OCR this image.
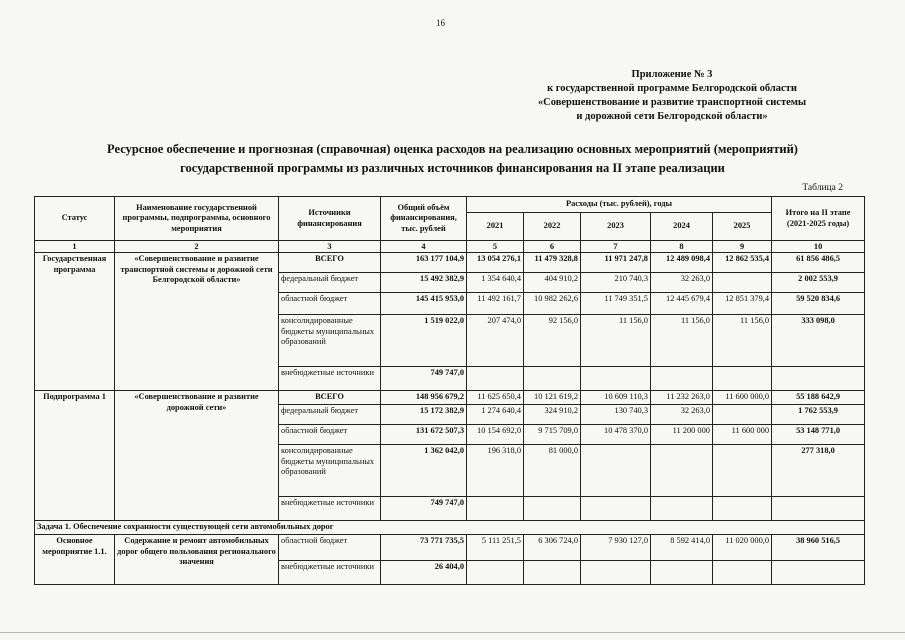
16
Приложение № 3
к государственной программе Белгородской области
«Совершенствование и развитие транспортной системы
и дорожной сети Белгородской области»
Ресурсное обеспечение и прогнозная (справочная) оценка расходов на реализацию основных мероприятий (мероприятий)
государственной программы из различных источников финансирования на II этапе реализации
Таблица 2
Статус	Наименование государственной программы, подпрограммы, основного мероприятия	Источники финансирования	Общий объём финансирования, тыс. рублей	Расходы (тыс. рублей), годы					Итого на II этапе (2021-2025 годы)
				2021	2022	2023	2024	2025	
1	2	3	4	5	6	7	8	9	10
Государственная программа	«Совершенствование и развитие транспортной системы и дорожной сети Белгородской области»	ВСЕГО	163 177 104,9	13 054 276,1	11 479 328,8	11 971 247,8	12 489 098,4	12 862 535,4	61 856 486,5
		федеральный бюджет	15 492 382,9	1 354 640,4	404 910,2	210 740,3	32 263,0		2 002 553,9
		областной бюджет	145 415 953,0	11 492 161,7	10 982 262,6	11 749 351,5	12 445 679,4	12 851 379,4	59 520 834,6
		консолидированные бюджеты муниципальных образований	1 519 022,0	207 474,0	92 156,0	11 156,0	11 156,0	11 156,0	333 098,0
		внебюджетные источники	749 747,0						
Подпрограмма 1	«Совершенствование и развитие дорожной сети»	ВСЕГО	148 956 679,2	11 625 650,4	10 121 619,2	10 609 110,3	11 232 263,0	11 600 000,0	55 188 642,9
		федеральный бюджет	15 172 382,9	1 274 640,4	324 910,2	130 740,3	32 263,0		1 762 553,9
		областной бюджет	131 672 507,3	10 154 692,0	9 715 709,0	10 478 370,0	11 200 000	11 600 000	53 148 771,0
		консолидированные бюджеты муниципальных образований	1 362 042,0	196 318,0	81 000,0				277 318,0
		внебюджетные источники	749 747,0						
Задача 1. Обеспечение сохранности существующей сети автомобильных дорог									
Основное мероприятие 1.1.	Содержание и ремонт автомобильных дорог общего пользования регионального значения	областной бюджет	73 771 735,5	5 111 251,5	6 306 724,0	7 930 127,0	8 592 414,0	11 020 000,0	38 960 516,5
		внебюджетные источники	26 404,0						
